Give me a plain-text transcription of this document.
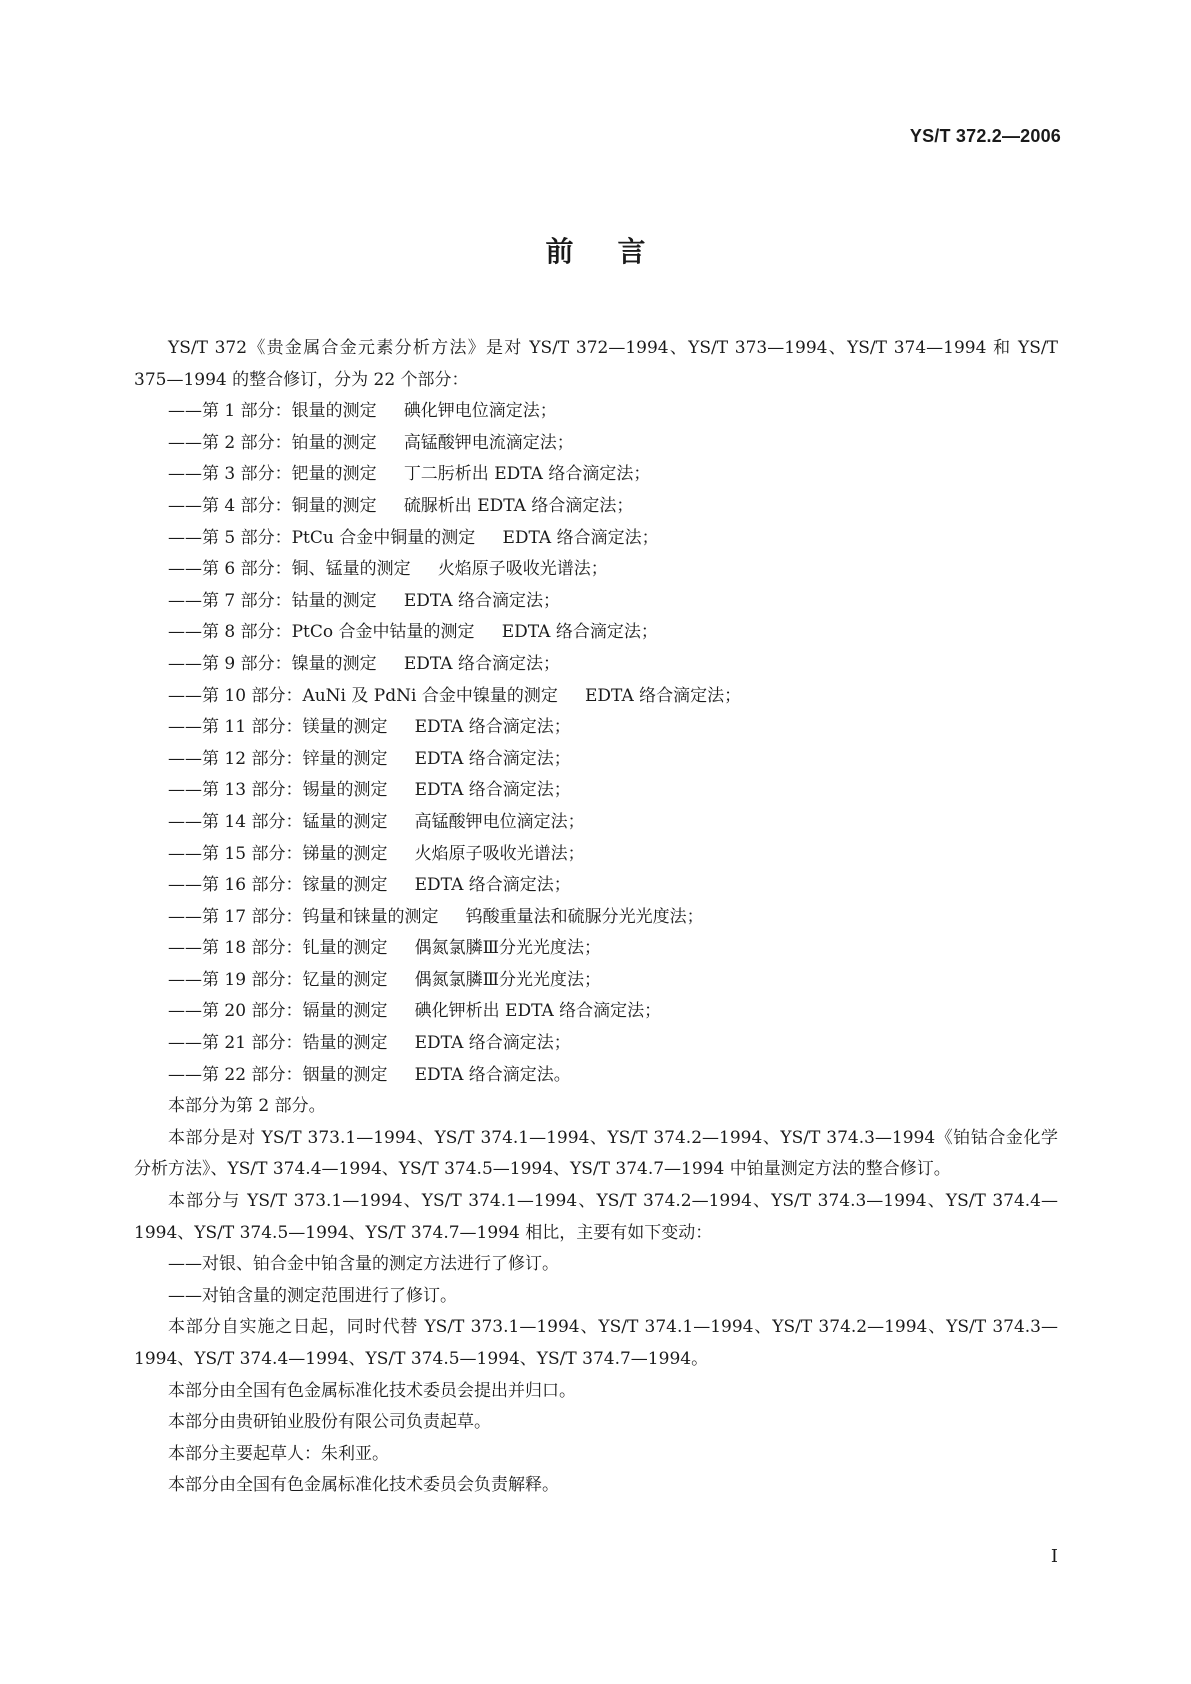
YS/T 372.2—2006
前言

YS/T 372《贵金属合金元素分析方法》是对 YS/T 372—1994、YS/T 373—1994、YS/T 374—1994 和 YS/T 375—1994 的整合修订，分为 22 个部分：

——第 1 部分：银量的测定 碘化钾电位滴定法；

——第 2 部分：铂量的测定 高锰酸钾电流滴定法；

——第 3 部分：钯量的测定 丁二肟析出 EDTA 络合滴定法；

——第 4 部分：铜量的测定 硫脲析出 EDTA 络合滴定法；

——第 5 部分：PtCu 合金中铜量的测定 EDTA 络合滴定法；

——第 6 部分：铜、锰量的测定 火焰原子吸收光谱法；

——第 7 部分：钴量的测定 EDTA 络合滴定法；

——第 8 部分：PtCo 合金中钴量的测定 EDTA 络合滴定法；

——第 9 部分：镍量的测定 EDTA 络合滴定法；

——第 10 部分：AuNi 及 PdNi 合金中镍量的测定 EDTA 络合滴定法；

——第 11 部分：镁量的测定 EDTA 络合滴定法；

——第 12 部分：锌量的测定 EDTA 络合滴定法；

——第 13 部分：锡量的测定 EDTA 络合滴定法；

——第 14 部分：锰量的测定 高锰酸钾电位滴定法；

——第 15 部分：锑量的测定 火焰原子吸收光谱法；

——第 16 部分：镓量的测定 EDTA 络合滴定法；

——第 17 部分：钨量和铼量的测定 钨酸重量法和硫脲分光光度法；

——第 18 部分：钆量的测定 偶氮氯膦Ⅲ分光光度法；

——第 19 部分：钇量的测定 偶氮氯膦Ⅲ分光光度法；

——第 20 部分：镉量的测定 碘化钾析出 EDTA 络合滴定法；

——第 21 部分：锆量的测定 EDTA 络合滴定法；

——第 22 部分：铟量的测定 EDTA 络合滴定法。

本部分为第 2 部分。

本部分是对 YS/T 373.1—1994、YS/T 374.1—1994、YS/T 374.2—1994、YS/T 374.3—1994《铂钴合金化学分析方法》、YS/T 374.4—1994、YS/T 374.5—1994、YS/T 374.7—1994 中铂量测定方法的整合修订。

本部分与 YS/T 373.1—1994、YS/T 374.1—1994、YS/T 374.2—1994、YS/T 374.3—1994、YS/T 374.4—1994、YS/T 374.5—1994、YS/T 374.7—1994 相比，主要有如下变动：

——对银、铂合金中铂含量的测定方法进行了修订。

——对铂含量的测定范围进行了修订。

本部分自实施之日起，同时代替 YS/T 373.1—1994、YS/T 374.1—1994、YS/T 374.2—1994、YS/T 374.3—1994、YS/T 374.4—1994、YS/T 374.5—1994、YS/T 374.7—1994。

本部分由全国有色金属标准化技术委员会提出并归口。

本部分由贵研铂业股份有限公司负责起草。

本部分主要起草人：朱利亚。

本部分由全国有色金属标准化技术委员会负责解释。

I
